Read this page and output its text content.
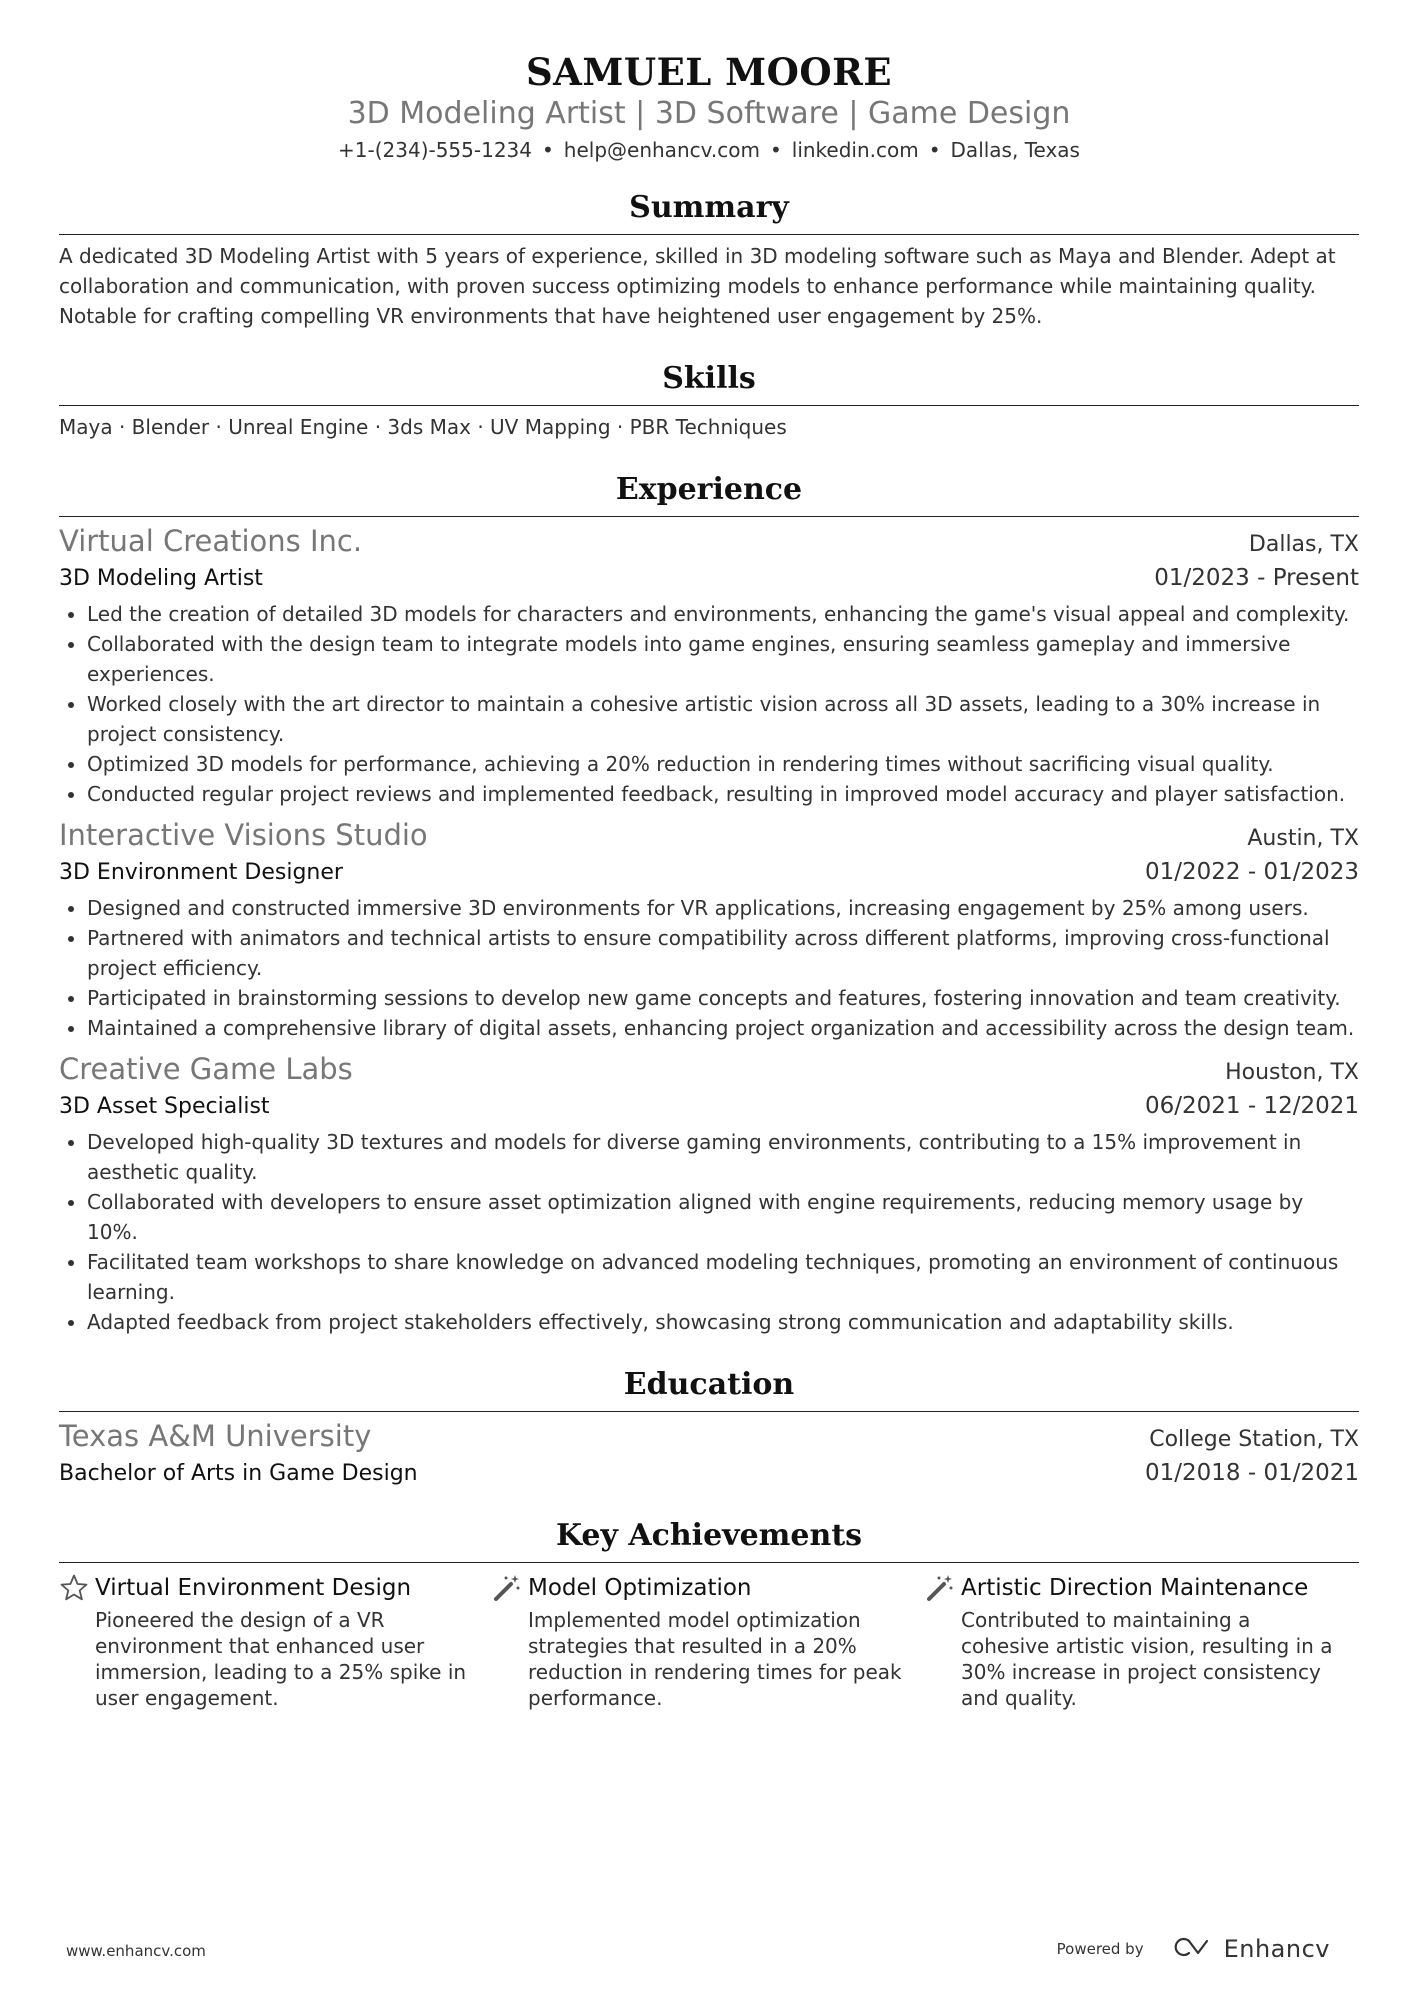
SAMUEL MOORE
3D Modeling Artist | 3D Software | Game Design
+1-(234)-555-1234 • help@enhancv.com • linkedin.com • Dallas, Texas
Summary
A dedicated 3D Modeling Artist with 5 years of experience, skilled in 3D modeling software such as Maya and Blender. Adept at collaboration and communication, with proven success optimizing models to enhance performance while maintaining quality. Notable for crafting compelling VR environments that have heightened user engagement by 25%.
Skills
Maya · Blender · Unreal Engine · 3ds Max · UV Mapping · PBR Techniques
Experience
Virtual Creations Inc.	Dallas, TX
3D Modeling Artist	01/2023 - Present
• Led the creation of detailed 3D models for characters and environments, enhancing the game's visual appeal and complexity.
• Collaborated with the design team to integrate models into game engines, ensuring seamless gameplay and immersive experiences.
• Worked closely with the art director to maintain a cohesive artistic vision across all 3D assets, leading to a 30% increase in project consistency.
• Optimized 3D models for performance, achieving a 20% reduction in rendering times without sacrificing visual quality.
• Conducted regular project reviews and implemented feedback, resulting in improved model accuracy and player satisfaction.
Interactive Visions Studio	Austin, TX
3D Environment Designer	01/2022 - 01/2023
• Designed and constructed immersive 3D environments for VR applications, increasing engagement by 25% among users.
• Partnered with animators and technical artists to ensure compatibility across different platforms, improving cross-functional project efficiency.
• Participated in brainstorming sessions to develop new game concepts and features, fostering innovation and team creativity.
• Maintained a comprehensive library of digital assets, enhancing project organization and accessibility across the design team.
Creative Game Labs	Houston, TX
3D Asset Specialist	06/2021 - 12/2021
• Developed high-quality 3D textures and models for diverse gaming environments, contributing to a 15% improvement in aesthetic quality.
• Collaborated with developers to ensure asset optimization aligned with engine requirements, reducing memory usage by 10%.
• Facilitated team workshops to share knowledge on advanced modeling techniques, promoting an environment of continuous learning.
• Adapted feedback from project stakeholders effectively, showcasing strong communication and adaptability skills.
Education
Texas A&M University	College Station, TX
Bachelor of Arts in Game Design	01/2018 - 01/2021
Key Achievements
Virtual Environment Design
Pioneered the design of a VR environment that enhanced user immersion, leading to a 25% spike in user engagement.
Model Optimization
Implemented model optimization strategies that resulted in a 20% reduction in rendering times for peak performance.
Artistic Direction Maintenance
Contributed to maintaining a cohesive artistic vision, resulting in a 30% increase in project consistency and quality.
www.enhancv.com	Powered by	Enhancv
